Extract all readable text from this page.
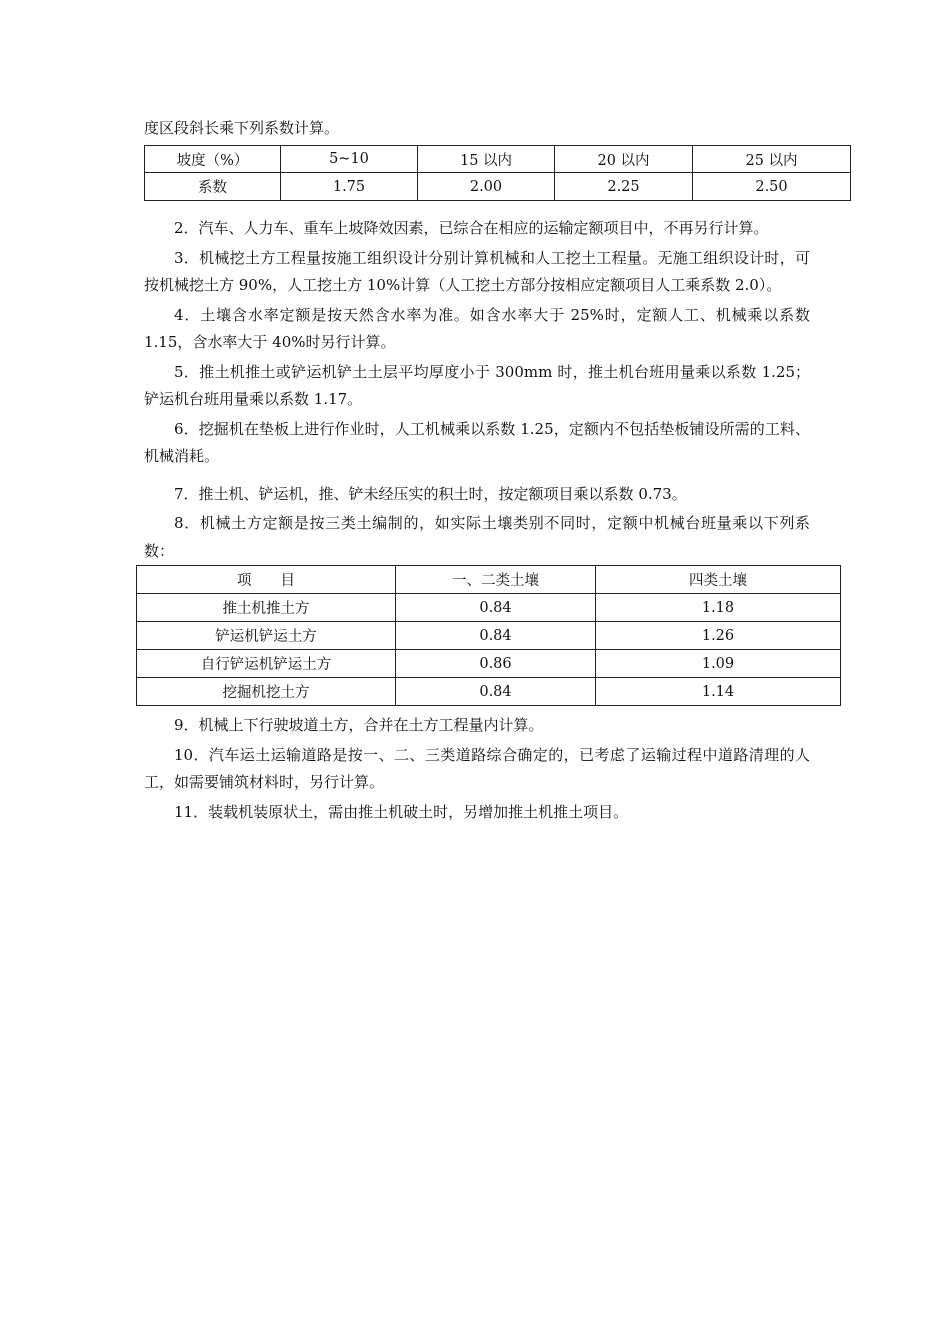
度区段斜长乘下列系数计算。

坡度（%）	5~10	15 以内	20 以内	25 以内
系数	1.75	2.00	2.25	2.50

2．汽车、人力车、重车上坡降效因素，已综合在相应的运输定额项目中，不再另行计算。

3．机械挖土方工程量按施工组织设计分别计算机械和人工挖土工程量。无施工组织设计时，可按机械挖土方 90%，人工挖土方 10%计算（人工挖土方部分按相应定额项目人工乘系数 2.0）。

4．土壤含水率定额是按天然含水率为准。如含水率大于 25%时，定额人工、机械乘以系数 1.15，含水率大于 40%时另行计算。

5．推土机推土或铲运机铲土土层平均厚度小于 300mm 时，推土机台班用量乘以系数 1.25；铲运机台班用量乘以系数 1.17。

6．挖掘机在垫板上进行作业时，人工机械乘以系数 1.25，定额内不包括垫板铺设所需的工料、机械消耗。

7．推土机、铲运机，推、铲未经压实的积土时，按定额项目乘以系数 0.73。

8．机械土方定额是按三类土编制的，如实际土壤类别不同时，定额中机械台班量乘以下列系数：

项　　目	一、二类土壤	四类土壤
推土机推土方	0.84	1.18
铲运机铲运土方	0.84	1.26
自行铲运机铲运土方	0.86	1.09
挖掘机挖土方	0.84	1.14

9．机械上下行驶坡道土方，合并在土方工程量内计算。

10．汽车运土运输道路是按一、二、三类道路综合确定的，已考虑了运输过程中道路清理的人工，如需要铺筑材料时，另行计算。

11．装载机装原状土，需由推土机破土时，另增加推土机推土项目。
